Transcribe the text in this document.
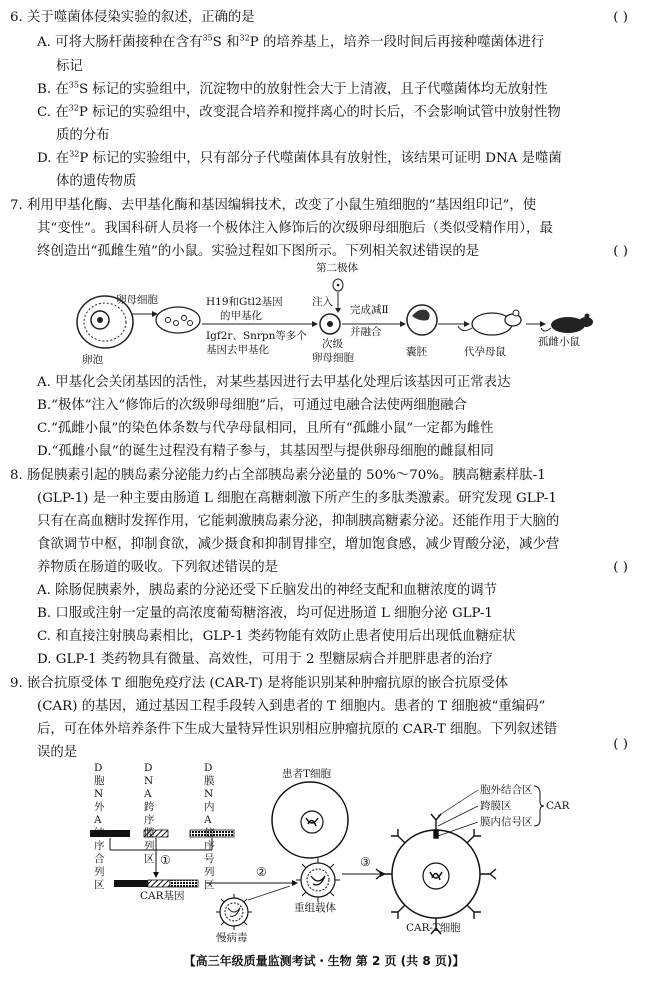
6. 关于噬菌体侵染实验的叙述，正确的是	( )
A. 可将大肠杆菌接种在含有$^{35}$S 和$^{32}$P 的培养基上，培养一段时间后再接种噬菌体进行
标记
B. 在$^{35}$S 标记的实验组中，沉淀物中的放射性会大于上清液，且子代噬菌体均无放射性
C. 在$^{32}$P 标记的实验组中，改变混合培养和搅拌离心的时长后，不会影响试管中放射性物
质的分布
D. 在$^{32}$P 标记的实验组中，只有部分子代噬菌体具有放射性，该结果可证明 DNA 是噬菌
体的遗传物质
7. 利用甲基化酶、去甲基化酶和基因编辑技术，改变了小鼠生殖细胞的“基因组印记”，使
其“变性”。我国科研人员将一个极体注入修饰后的次级卵母细胞后（类似受精作用），最
终创造出“孤雌生殖”的小鼠。实验过程如下图所示。下列相关叙述错误的是	( )
第二极体
注入
卵母细胞	H19和Gtl2基因
的甲基化
Igf2r、Snrpn等多个
基因去甲基化
卵泡
次级
卵母细胞
完成减Ⅱ
并融合
囊胚	代孕母鼠
孤雌小鼠
A. 甲基化会关闭基因的活性，对某些基因进行去甲基化处理后该基因可正常表达
B.“极体”注入“修饰后的次级卵母细胞”后，可通过电融合法使两细胞融合
C.“孤雌小鼠”的染色体条数与代孕母鼠相同，且所有“孤雌小鼠”一定都为雌性
D.“孤雌小鼠”的诞生过程没有精子参与，其基因型与提供卵母细胞的雌鼠相同
8. 肠促胰素引起的胰岛素分泌能力约占全部胰岛素分泌量的 50%～70%。胰高糖素样肽-1
(GLP-1) 是一种主要由肠道 L 细胞在高糖刺激下所产生的多肽类激素。研究发现 GLP-1
只有在高血糖时发挥作用，它能刺激胰岛素分泌，抑制胰高糖素分泌。还能作用于大脑的
食欲调节中枢，抑制食欲，减少摄食和抑制胃排空，增加饱食感，减少胃酸分泌，减少营
养物质在肠道的吸收。下列叙述错误的是	( )
A. 除肠促胰素外，胰岛素的分泌还受下丘脑发出的神经支配和血糖浓度的调节
B. 口服或注射一定量的高浓度葡萄糖溶液，均可促进肠道 L 细胞分泌 GLP-1
C. 和直接注射胰岛素相比，GLP-1 类药物能有效防止患者使用后出现低血糖症状
D. GLP-1 类药物具有微量、高效性，可用于 2 型糖尿病合并肥胖患者的治疗
9. 嵌合抗原受体 T 细胞免疫疗法 (CAR-T) 是将能识别某种肿瘤抗原的嵌合抗原受体
(CAR) 的基因，通过基因工程手段转入到患者的 T 细胞内。患者的 T 细胞被“重编码”
后，可在体外培养条件下生成大量特异性识别相应肿瘤抗原的 CAR-T 细胞。下列叙述错
误的是
( )
D胞
N外
A结
序合
列区
D
N
A跨
序膜
列区
D膜
N内
A信
序号
列区
①
②
③
CAR基因
慢病毒
重组载体
患者T细胞
胞外结合区
跨膜区
膜内信号区
CAR
CAR-T细胞
【高三年级质量监测考试・生物 第 2 页 (共 8 页)】
